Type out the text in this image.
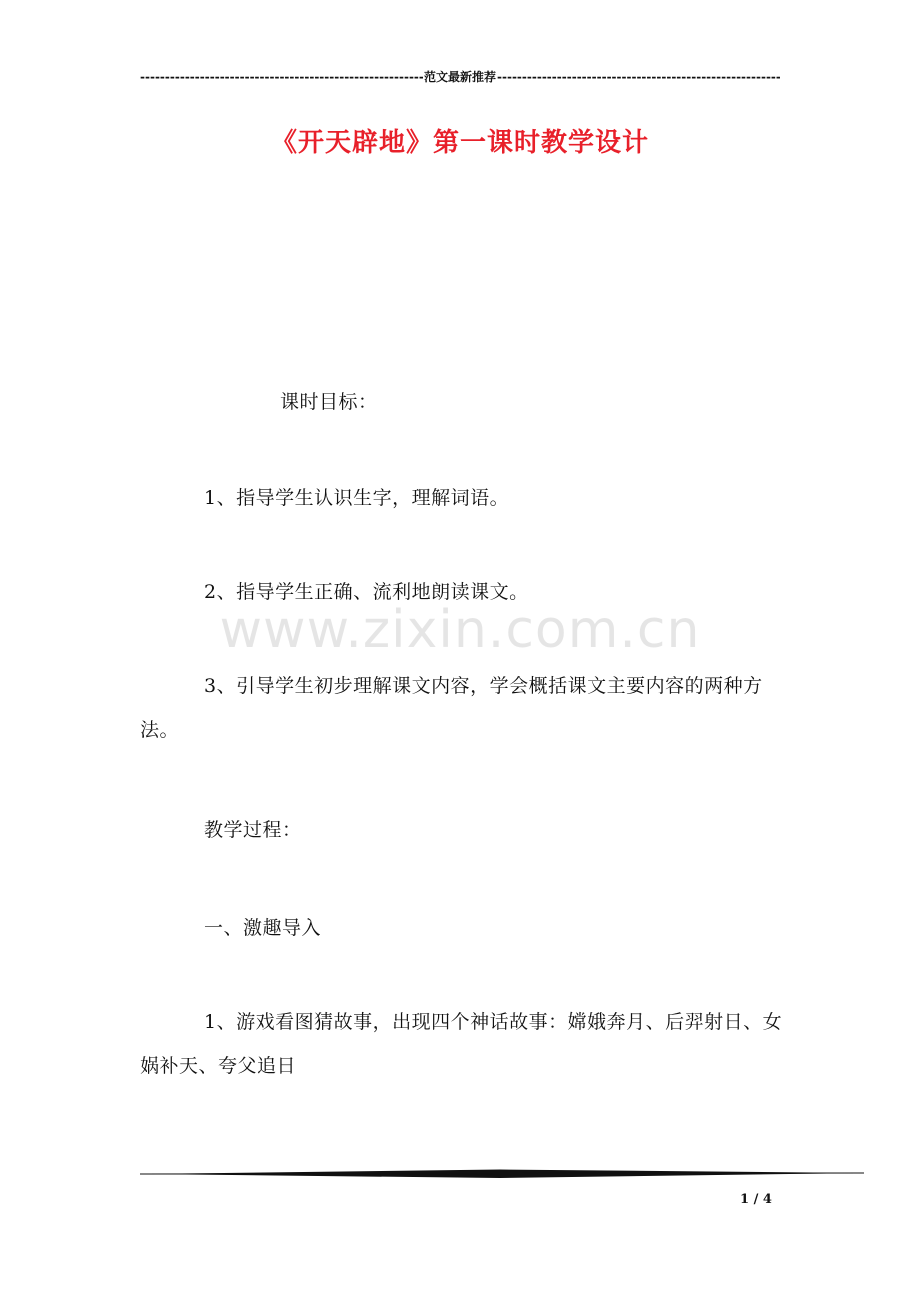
-----
范文最新推荐
-----
《开天辟地》第一课时教学设计
课时目标：
1、指导学生认识生字，理解词语。
2、指导学生正确、流利地朗读课文。
3、引导学生初步理解课文内容，学会概括课文主要内容的两种方法。
教学过程：
一、激趣导入
1、游戏看图猜故事，出现四个神话故事：嫦娥奔月、后羿射日、女娲补天、夸父追日
www.zixin.com.cn
1 / 4
